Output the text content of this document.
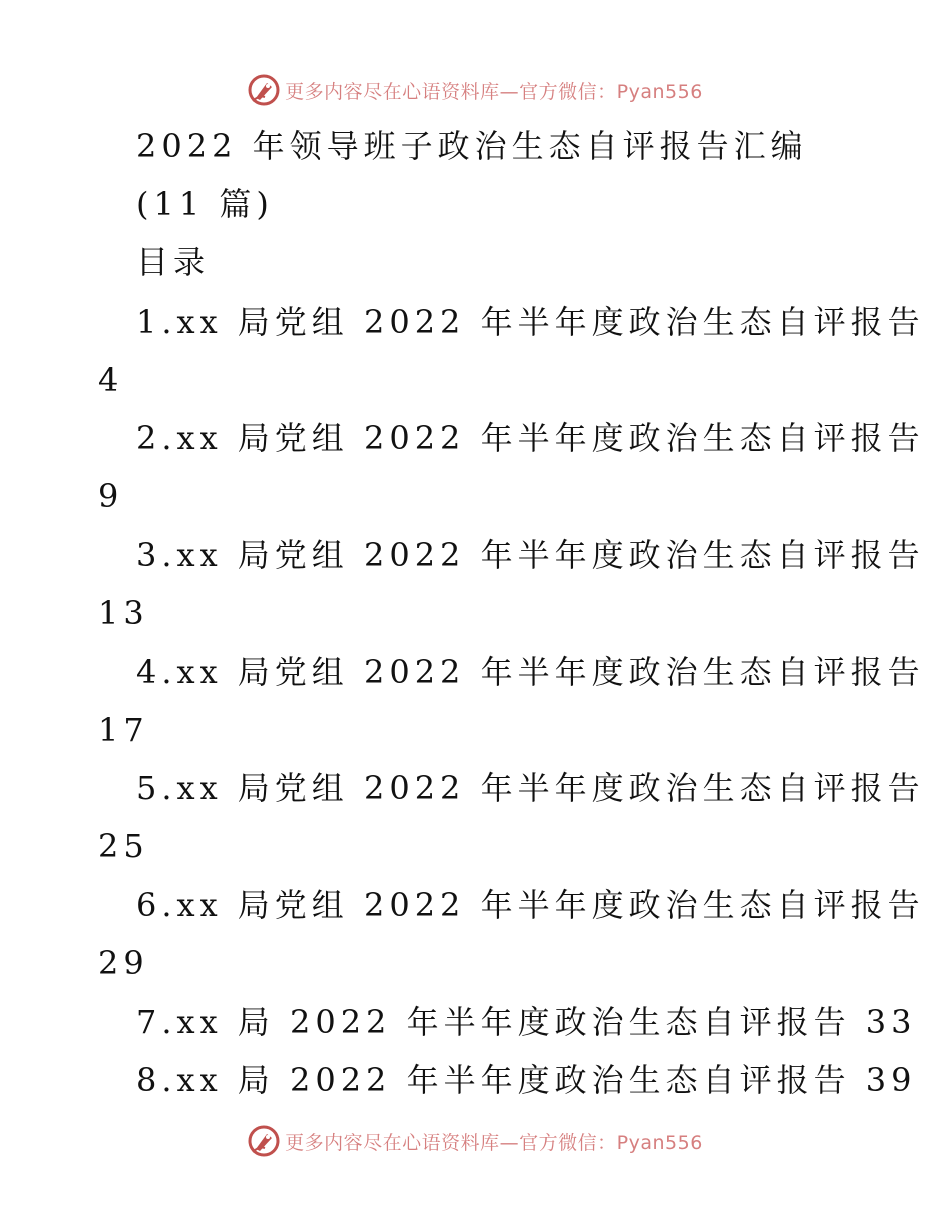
更多内容尽在心语资料库—官方微信：Pyan556
2022 年领导班子政治生态自评报告汇编
(11 篇)
目录
1.xx 局党组 2022 年半年度政治生态自评报告
4
2.xx 局党组 2022 年半年度政治生态自评报告
9
3.xx 局党组 2022 年半年度政治生态自评报告
13
4.xx 局党组 2022 年半年度政治生态自评报告
17
5.xx 局党组 2022 年半年度政治生态自评报告
25
6.xx 局党组 2022 年半年度政治生态自评报告
29
7.xx 局 2022 年半年度政治生态自评报告 33
8.xx 局 2022 年半年度政治生态自评报告 39
更多内容尽在心语资料库—官方微信：Pyan556
